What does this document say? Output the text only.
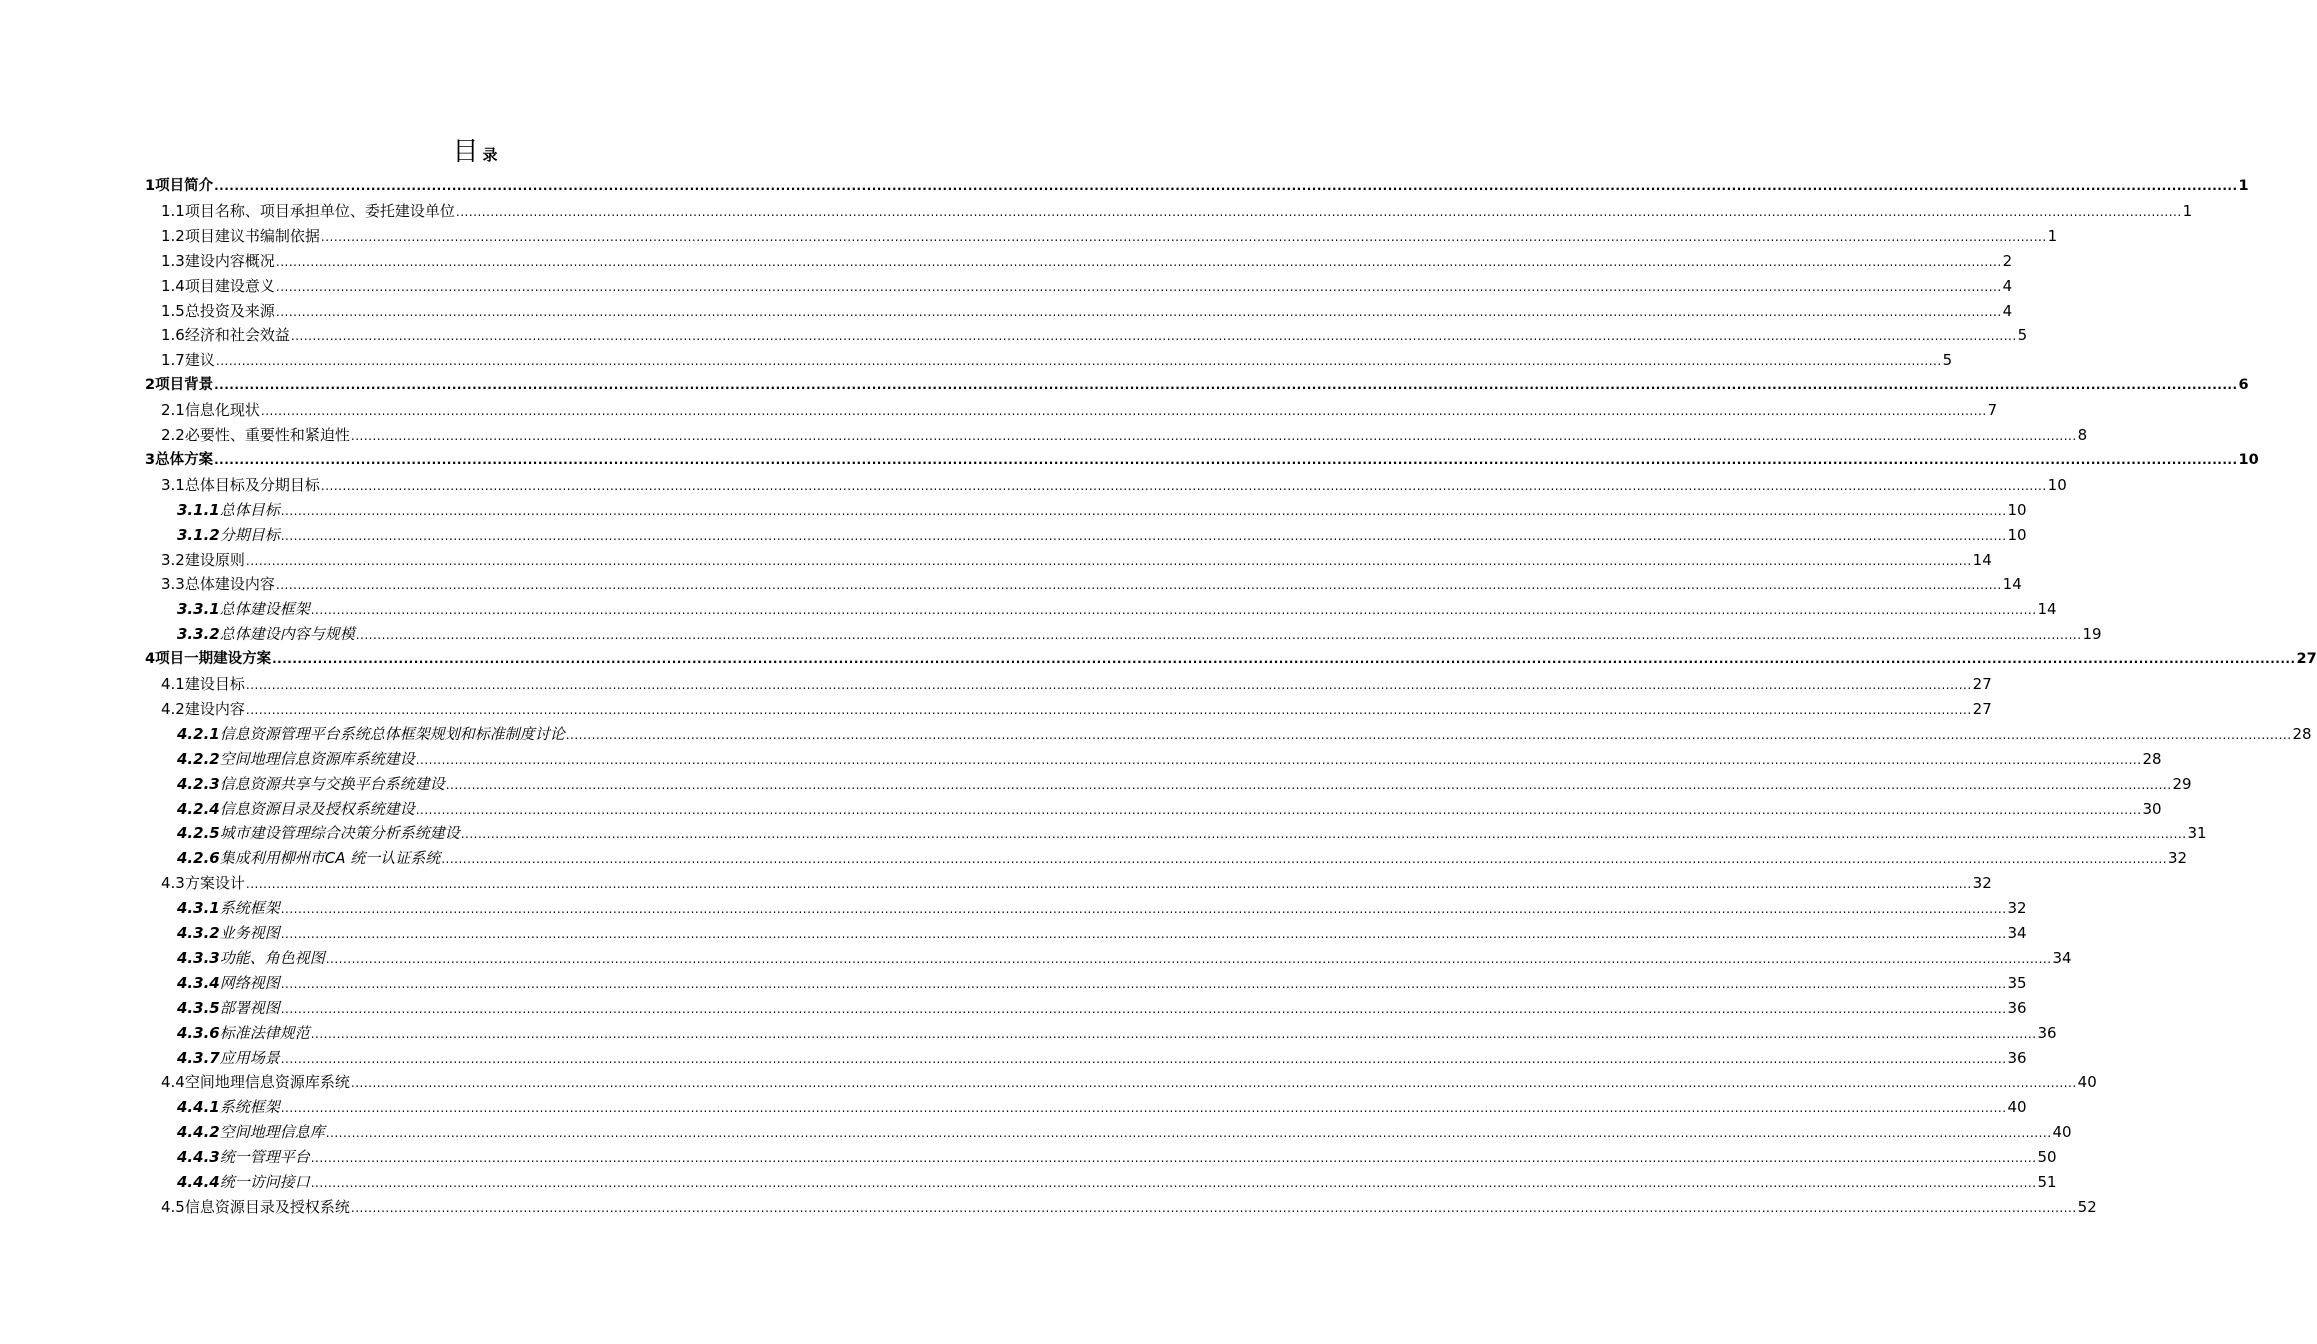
目录
1 项目简介 ................................................................................................................................................................................................................................................................................................................................................................................................................ 1
1.1 项目名称、项目承担单位、委托建设单位 ................................................................................................................................................................................................................................................................................................................................................................................................................ 1
1.2 项目建议书编制依据 ................................................................................................................................................................................................................................................................................................................................................................................................................ 1
1.3 建设内容概况 ................................................................................................................................................................................................................................................................................................................................................................................................................ 2
1.4 项目建设意义 ................................................................................................................................................................................................................................................................................................................................................................................................................ 4
1.5 总投资及来源 ................................................................................................................................................................................................................................................................................................................................................................................................................ 4
1.6 经济和社会效益 ................................................................................................................................................................................................................................................................................................................................................................................................................ 5
1.7 建议 ................................................................................................................................................................................................................................................................................................................................................................................................................ 5
2 项目背景 ................................................................................................................................................................................................................................................................................................................................................................................................................ 6
2.1 信息化现状 ................................................................................................................................................................................................................................................................................................................................................................................................................ 7
2.2 必要性、重要性和紧迫性 ................................................................................................................................................................................................................................................................................................................................................................................................................ 8
3 总体方案 ................................................................................................................................................................................................................................................................................................................................................................................................................ 10
3.1 总体目标及分期目标 ................................................................................................................................................................................................................................................................................................................................................................................................................ 10
3.1.1 总体目标 ................................................................................................................................................................................................................................................................................................................................................................................................................ 10
3.1.2 分期目标 ................................................................................................................................................................................................................................................................................................................................................................................................................ 10
3.2 建设原则 ................................................................................................................................................................................................................................................................................................................................................................................................................ 14
3.3 总体建设内容 ................................................................................................................................................................................................................................................................................................................................................................................................................ 14
3.3.1 总体建设框架 ................................................................................................................................................................................................................................................................................................................................................................................................................ 14
3.3.2 总体建设内容与规模 ................................................................................................................................................................................................................................................................................................................................................................................................................ 19
4 项目一期建设方案 ................................................................................................................................................................................................................................................................................................................................................................................................................ 27
4.1 建设目标 ................................................................................................................................................................................................................................................................................................................................................................................................................ 27
4.2 建设内容 ................................................................................................................................................................................................................................................................................................................................................................................................................ 27
4.2.1 信息资源管理平台系统总体框架规划和标准制度讨论 ................................................................................................................................................................................................................................................................................................................................................................................................................ 28
4.2.2 空间地理信息资源库系统建设 ................................................................................................................................................................................................................................................................................................................................................................................................................ 28
4.2.3 信息资源共享与交换平台系统建设 ................................................................................................................................................................................................................................................................................................................................................................................................................ 29
4.2.4 信息资源目录及授权系统建设 ................................................................................................................................................................................................................................................................................................................................................................................................................ 30
4.2.5 城市建设管理综合决策分析系统建设 ................................................................................................................................................................................................................................................................................................................................................................................................................ 31
4.2.6 集成利用柳州市CA 统一认证系统 ................................................................................................................................................................................................................................................................................................................................................................................................................ 32
4.3 方案设计 ................................................................................................................................................................................................................................................................................................................................................................................................................ 32
4.3.1 系统框架 ................................................................................................................................................................................................................................................................................................................................................................................................................ 32
4.3.2 业务视图 ................................................................................................................................................................................................................................................................................................................................................................................................................ 34
4.3.3 功能、角色视图 ................................................................................................................................................................................................................................................................................................................................................................................................................ 34
4.3.4 网络视图 ................................................................................................................................................................................................................................................................................................................................................................................................................ 35
4.3.5 部署视图 ................................................................................................................................................................................................................................................................................................................................................................................................................ 36
4.3.6 标准法律规范 ................................................................................................................................................................................................................................................................................................................................................................................................................ 36
4.3.7 应用场景 ................................................................................................................................................................................................................................................................................................................................................................................................................ 36
4.4 空间地理信息资源库系统 ................................................................................................................................................................................................................................................................................................................................................................................................................ 40
4.4.1 系统框架 ................................................................................................................................................................................................................................................................................................................................................................................................................ 40
4.4.2 空间地理信息库 ................................................................................................................................................................................................................................................................................................................................................................................................................ 40
4.4.3 统一管理平台 ................................................................................................................................................................................................................................................................................................................................................................................................................ 50
4.4.4 统一访问接口 ................................................................................................................................................................................................................................................................................................................................................................................................................ 51
4.5 信息资源目录及授权系统 ................................................................................................................................................................................................................................................................................................................................................................................................................ 52
